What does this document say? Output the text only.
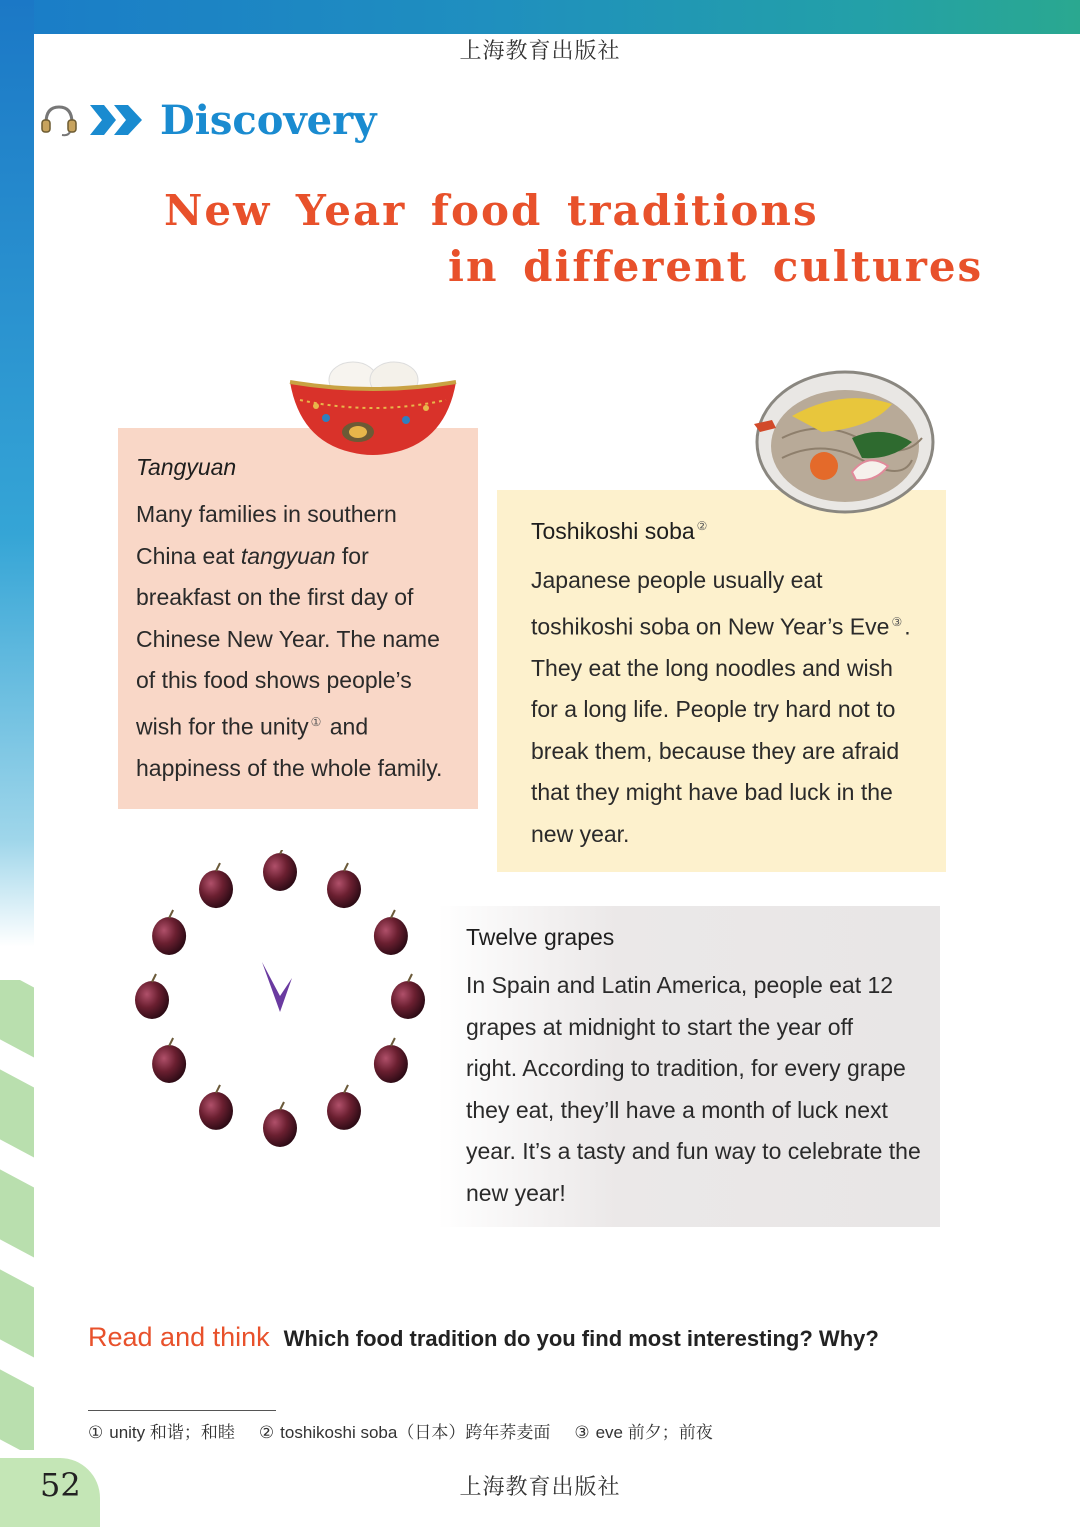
上海教育出版社
Discovery
New Year food traditions
in different cultures
Tangyuan
Many families in southern
China eat tangyuan for
breakfast on the first day of
Chinese New Year. The name
of this food shows people’s
wish for the unity ① and
happiness of the whole family.
Toshikoshi soba ②
Japanese people usually eat
toshikoshi soba on New Year’s Eve ③.
They eat the long noodles and wish
for a long life. People try hard not to
break them, because they are afraid
that they might have bad luck in the
new year.
Twelve grapes
In Spain and Latin America, people eat 12
grapes at midnight to start the year off
right. According to tradition, for every grape
they eat, they’ll have a month of luck next
year. It’s a tasty and fun way to celebrate the
new year!
Read and think Which food tradition do you find most interesting? Why?
① unity 和谐；和睦	② toshikoshi soba（日本）跨年荞麦面	③ eve 前夕；前夜
52	上海教育出版社
